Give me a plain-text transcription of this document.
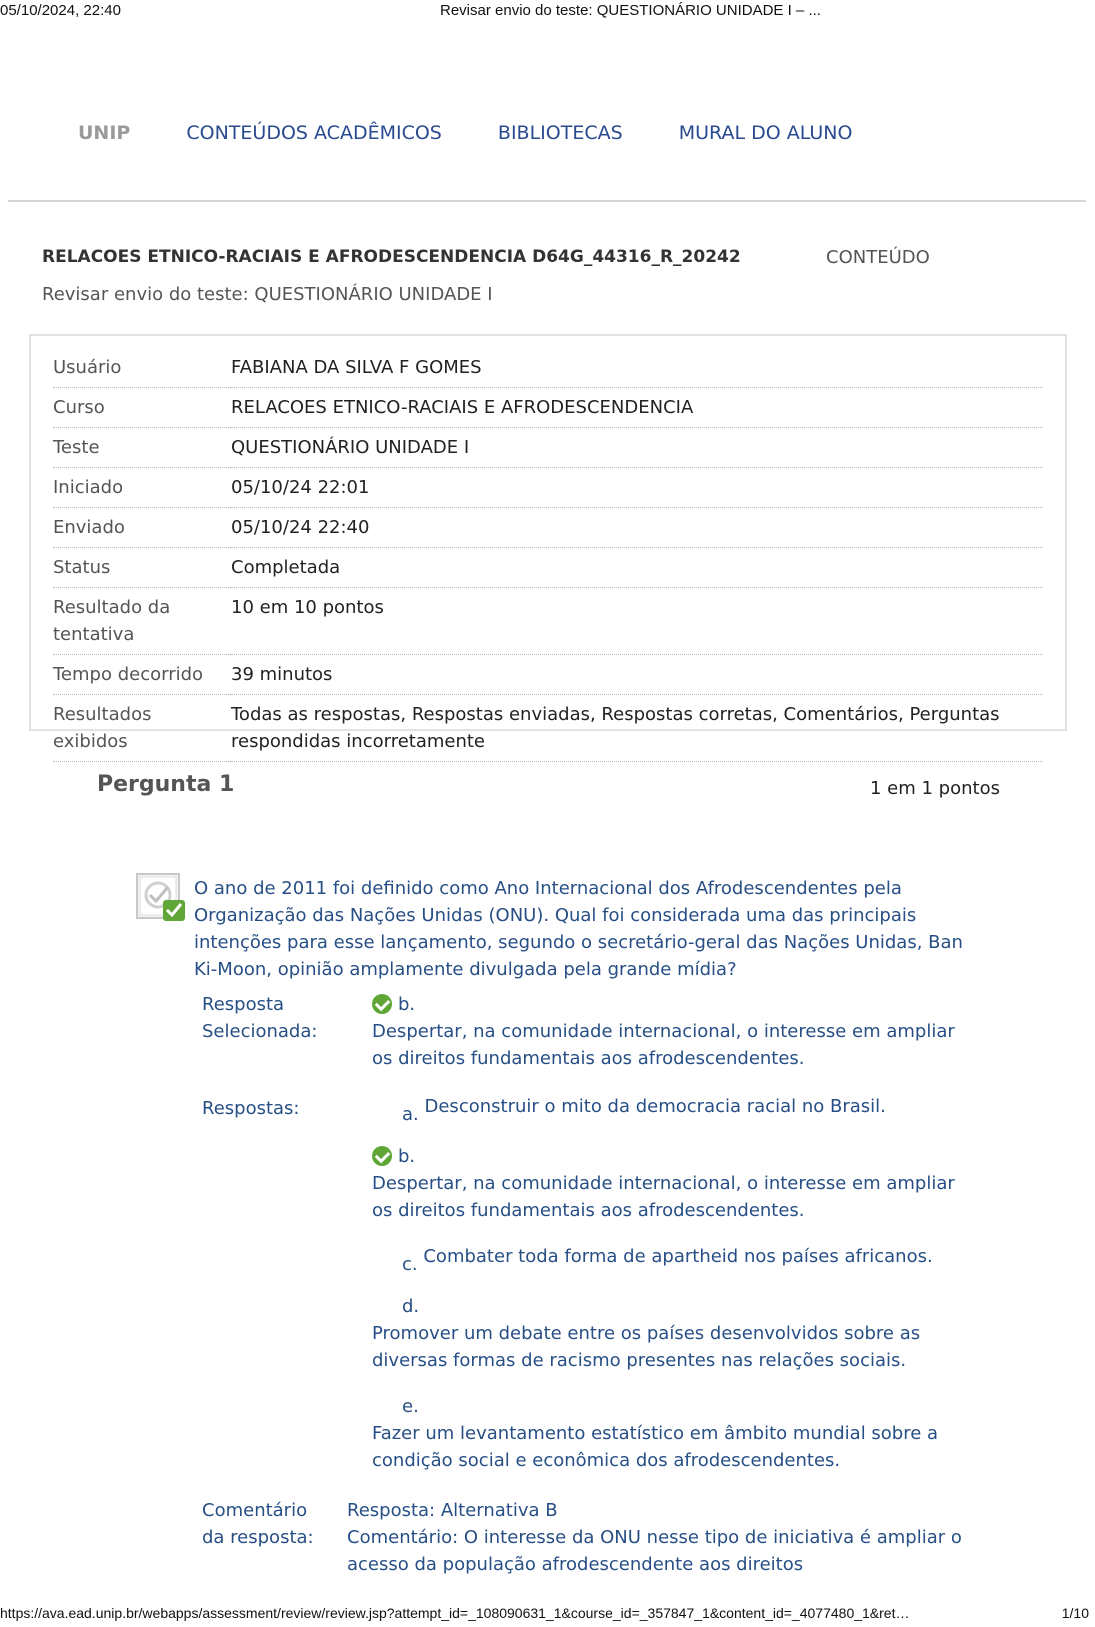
05/10/2024, 22:40	Revisar envio do teste: QUESTIONÁRIO UNIDADE I – ...
UNIP	CONTEÚDOS ACADÊMICOS	BIBLIOTECAS	MURAL DO ALUNO
RELACOES ETNICO-RACIAIS E AFRODESCENDENCIA D64G_44316_R_20242	CONTEÚDO
Revisar envio do teste: QUESTIONÁRIO UNIDADE I
Usuário	FABIANA DA SILVA F GOMES
Curso	RELACOES ETNICO-RACIAIS E AFRODESCENDENCIA
Teste	QUESTIONÁRIO UNIDADE I
Iniciado	05/10/24 22:01
Enviado	05/10/24 22:40
Status	Completada
Resultado da tentativa	10 em 10 pontos
Tempo decorrido	39 minutos
Resultados exibidos	Todas as respostas, Respostas enviadas, Respostas corretas, Comentários, Perguntas respondidas incorretamente
Pergunta 1	1 em 1 pontos
O ano de 2011 foi definido como Ano Internacional dos Afrodescendentes pela Organização das Nações Unidas (ONU). Qual foi considerada uma das principais intenções para esse lançamento, segundo o secretário-geral das Nações Unidas, Ban Ki-Moon, opinião amplamente divulgada pela grande mídia?
Resposta Selecionada:
b.
Despertar, na comunidade internacional, o interesse em ampliar os direitos fundamentais aos afrodescendentes.
Respostas:	a. Desconstruir o mito da democracia racial no Brasil.
b.
Despertar, na comunidade internacional, o interesse em ampliar os direitos fundamentais aos afrodescendentes.
c. Combater toda forma de apartheid nos países africanos.
d.
Promover um debate entre os países desenvolvidos sobre as diversas formas de racismo presentes nas relações sociais.
e.
Fazer um levantamento estatístico em âmbito mundial sobre a condição social e econômica dos afrodescendentes.
Comentário da resposta:
Resposta: Alternativa B
Comentário: O interesse da ONU nesse tipo de iniciativa é ampliar o acesso da população afrodescendente aos direitos
https://ava.ead.unip.br/webapps/assessment/review/review.jsp?attempt_id=_108090631_1&course_id=_357847_1&content_id=_4077480_1&ret…	1/10
